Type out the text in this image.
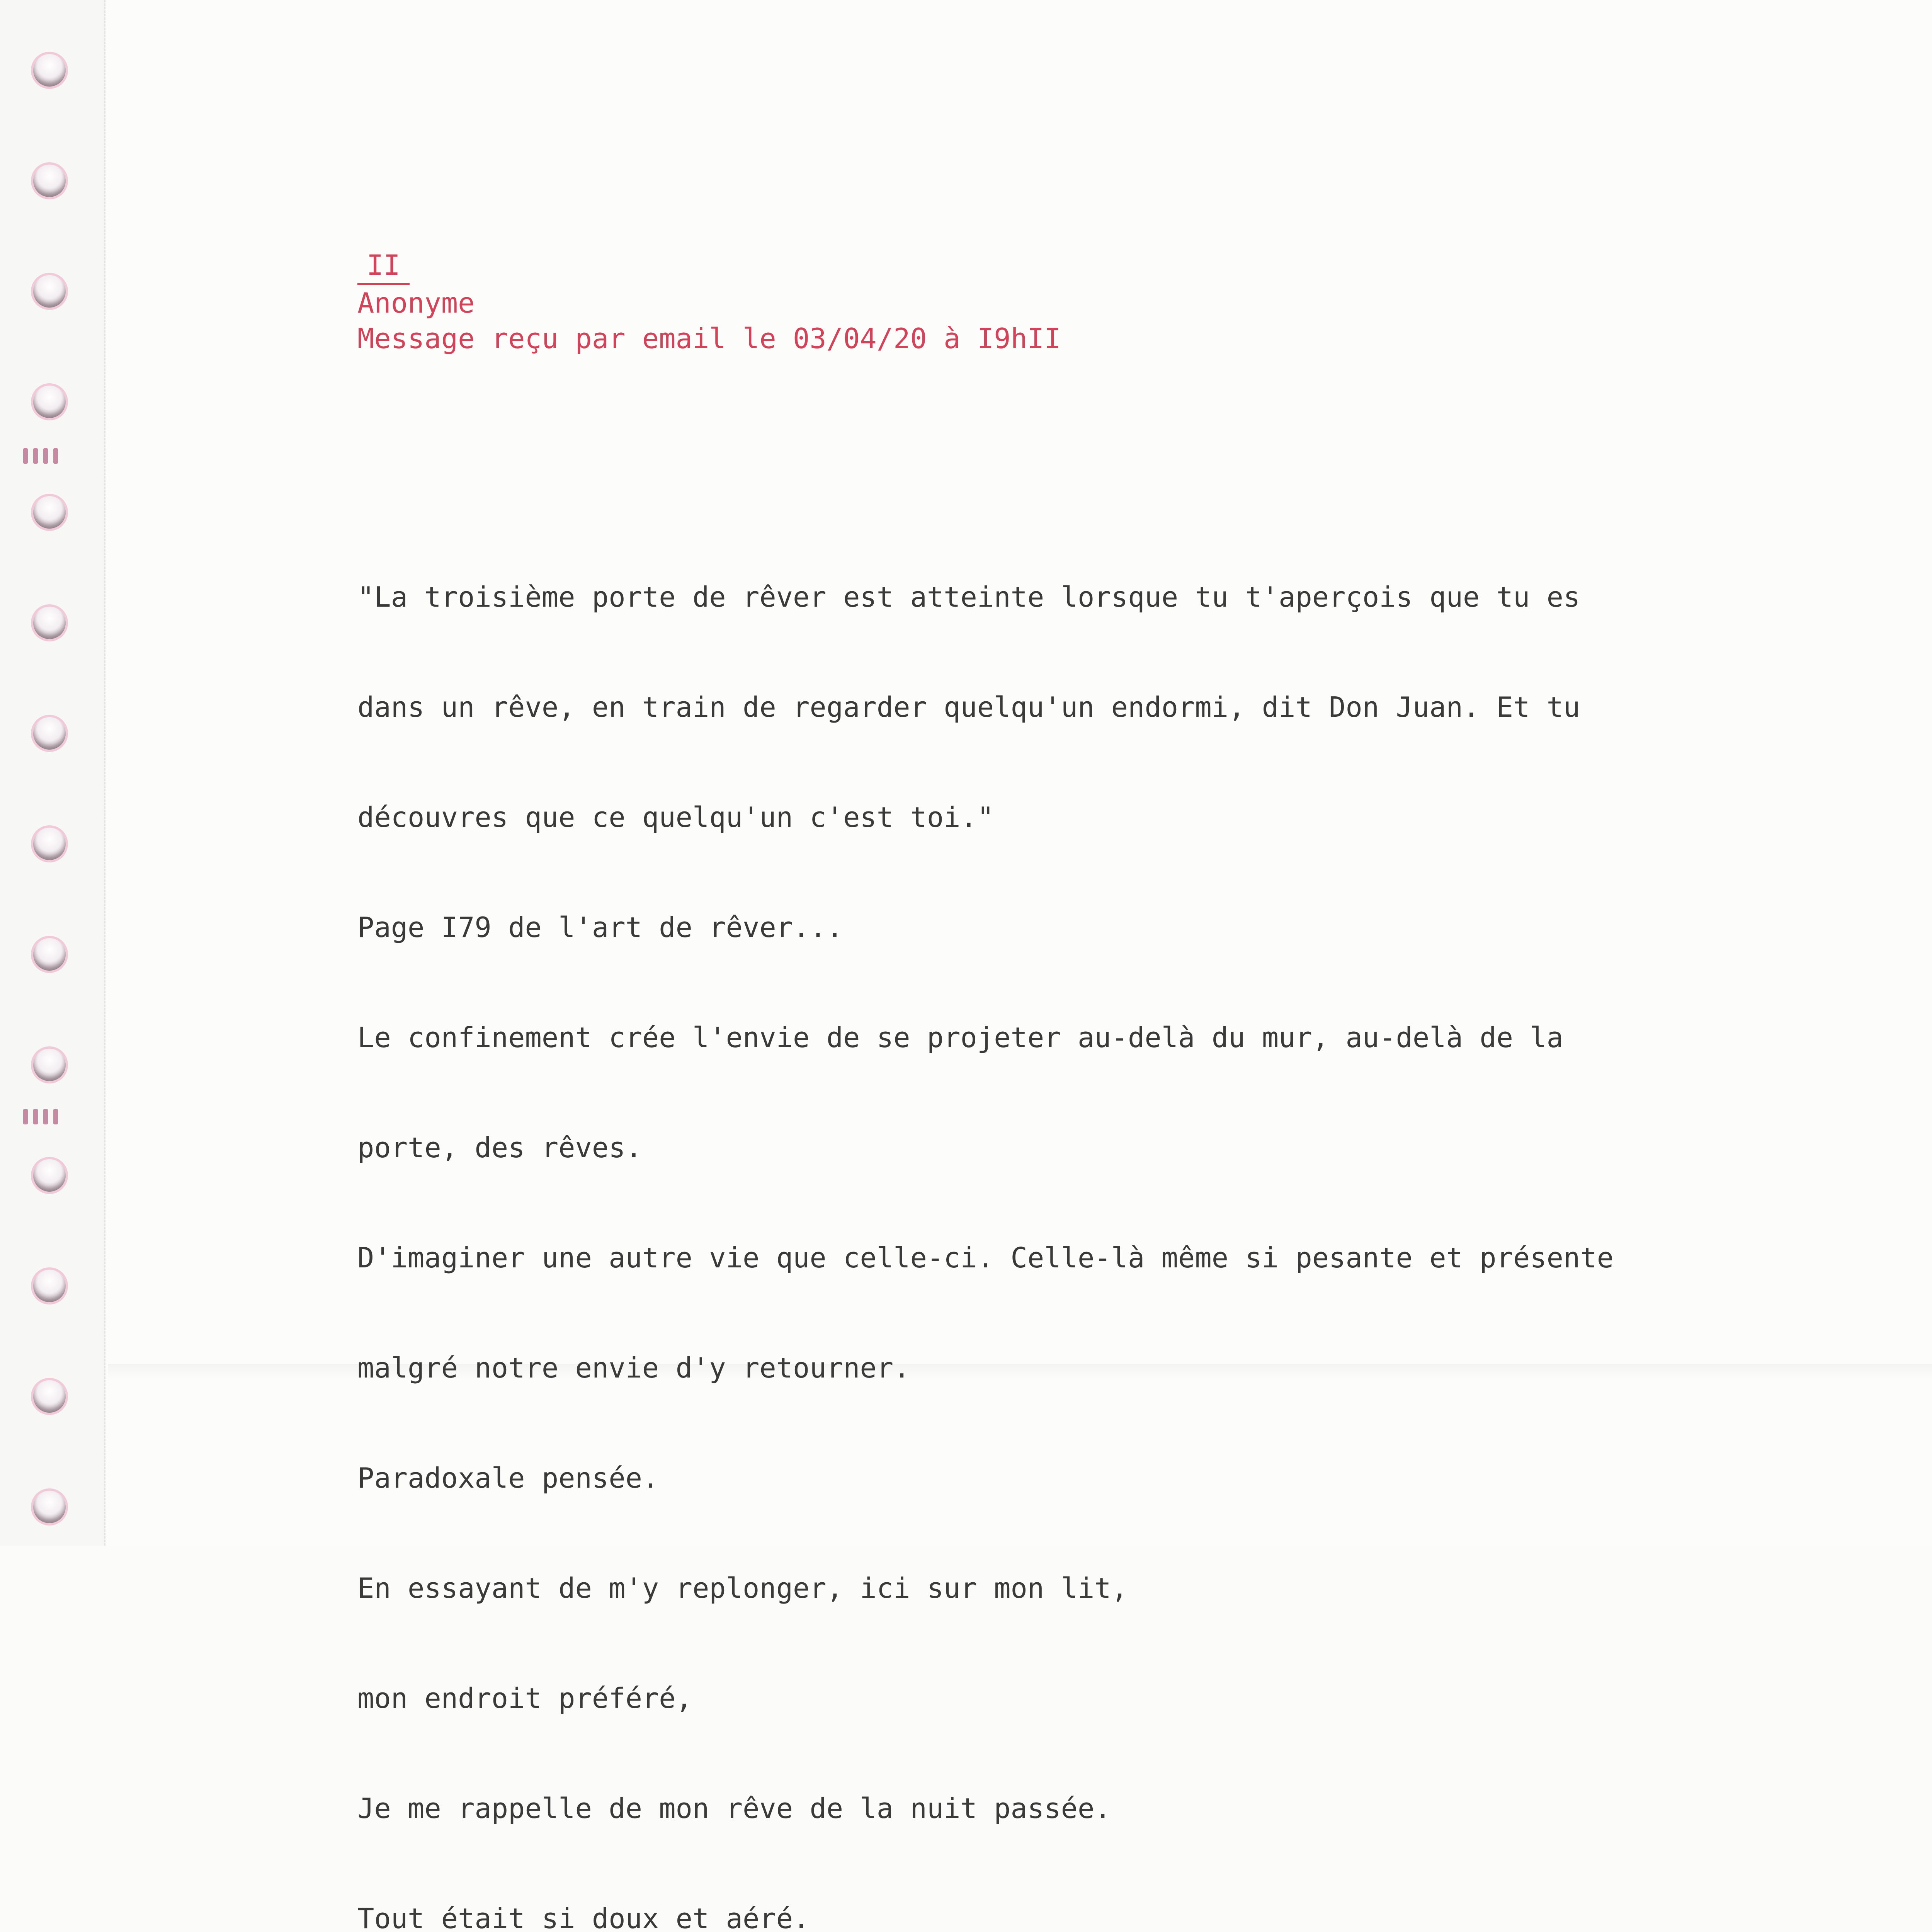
II
Anonyme
Message reçu par email le 03/04/20 à I9hII

"La troisième porte de rêver est atteinte lorsque tu t'aperçois que tu es

dans un rêve, en train de regarder quelqu'un endormi, dit Don Juan. Et tu

découvres que ce quelqu'un c'est toi."

Page I79 de l'art de rêver...

Le confinement crée l'envie de se projeter au-delà du mur, au-delà de la

porte, des rêves.

D'imaginer une autre vie que celle-ci. Celle-là même si pesante et présente

malgré notre envie d'y retourner.

Paradoxale pensée.

En essayant de m'y replonger, ici sur mon lit,

mon endroit préféré,

Je me rappelle de mon rêve de la nuit passée.

Tout était si doux et aéré.
